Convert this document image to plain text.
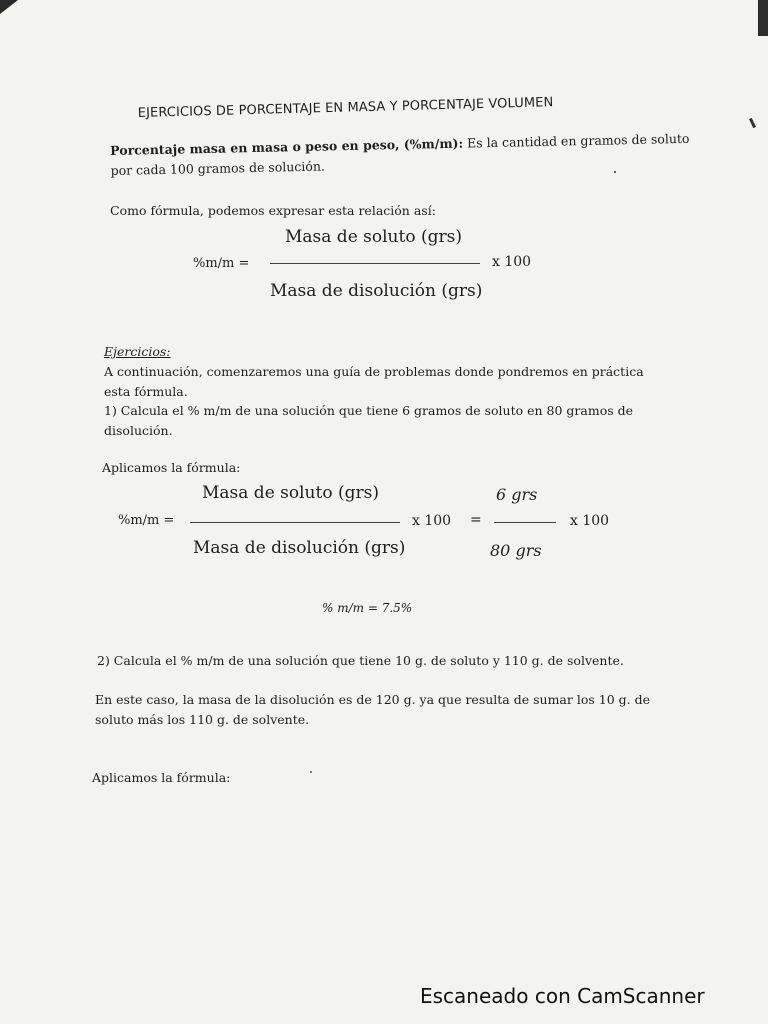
EJERCICIOS DE PORCENTAJE EN MASA Y PORCENTAJE VOLUMEN
Porcentaje masa en masa o peso en peso, (%m/m): Es la cantidad en gramos de soluto
por cada 100 gramos de solución.
Como fórmula, podemos expresar esta relación así:
Masa de soluto (grs)
%m/m =	x 100
Masa de disolución (grs)
Ejercicios:
A continuación, comenzaremos una guía de problemas donde pondremos en práctica
esta fórmula.
1) Calcula el % m/m de una solución que tiene 6 gramos de soluto en 80 gramos de
disolución.
Aplicamos la fórmula:
Masa de soluto (grs)
%m/m =	x 100
Masa de disolución (grs)
=
6 grs
80 grs
x 100
% m/m = 7.5%
2) Calcula el % m/m de una solución que tiene 10 g. de soluto y 110 g. de solvente.
En este caso, la masa de la disolución es de 120 g. ya que resulta de sumar los 10 g. de
soluto más los 110 g. de solvente.
Aplicamos la fórmula:
Escaneado con CamScanner
